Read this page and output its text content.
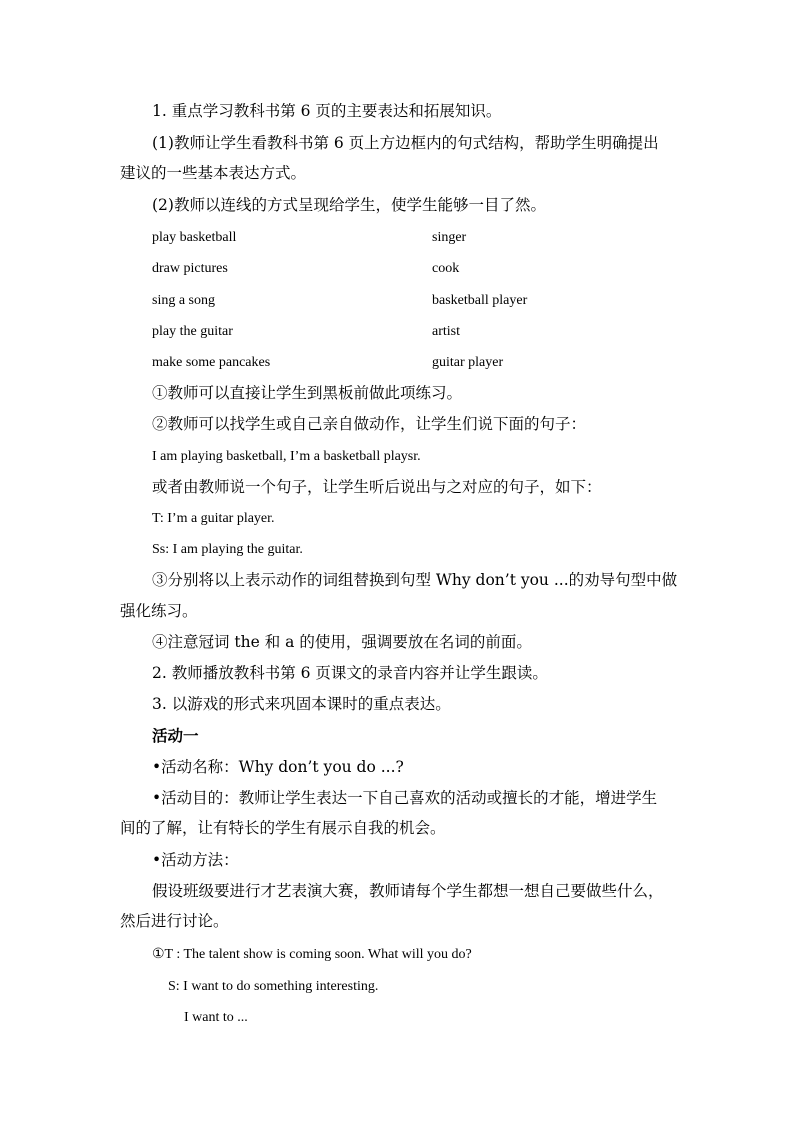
1. 重点学习教科书第 6 页的主要表达和拓展知识。
(1)教师让学生看教科书第 6 页上方边框内的句式结构，帮助学生明确提出
建议的一些基本表达方式。
(2)教师以连线的方式呈现给学生，使学生能够一目了然。
play basketball	singer
draw pictures	cook
sing a song	basketball player
play the guitar	artist
make some pancakes	guitar player
①教师可以直接让学生到黑板前做此项练习。
②教师可以找学生或自己亲自做动作，让学生们说下面的句子：
I am playing basketball, I’m a basketball playsr.
或者由教师说一个句子，让学生听后说出与之对应的句子，如下：
T: I’m a guitar player.
Ss: I am playing the guitar.
③分别将以上表示动作的词组替换到句型 Why don’t you ...的劝导句型中做
强化练习。
④注意冠词 the 和 a 的使用，强调要放在名词的前面。
2. 教师播放教科书第 6 页课文的录音内容并让学生跟读。
3. 以游戏的形式来巩固本课时的重点表达。
活动一
•活动名称：Why don’t you do ...?
•活动目的：教师让学生表达一下自己喜欢的活动或擅长的才能，增进学生
间的了解，让有特长的学生有展示自我的机会。
•活动方法：
假设班级要进行才艺表演大赛，教师请每个学生都想一想自己要做些什么，
然后进行讨论。
①T : The talent show is coming soon. What will you do?
S: I want to do something interesting.
I want to ...
